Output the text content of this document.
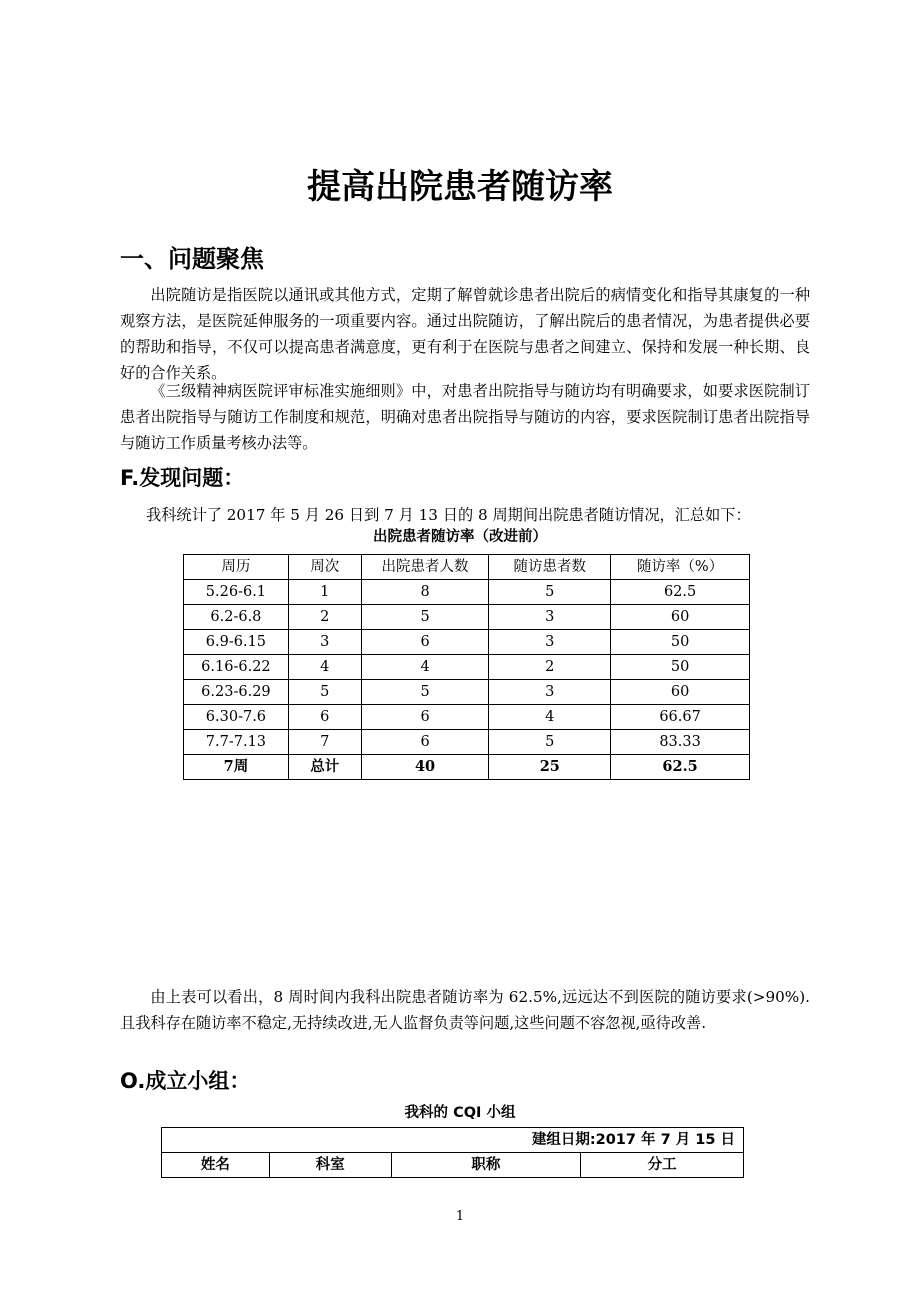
提高出院患者随访率
一、问题聚焦

出院随访是指医院以通讯或其他方式，定期了解曾就诊患者出院后的病情变化和指导其康复的一种观察方法，是医院延伸服务的一项重要内容。通过出院随访，了解出院后的患者情况，为患者提供必要的帮助和指导，不仅可以提高患者满意度，更有利于在医院与患者之间建立、保持和发展一种长期、良好的合作关系。

《三级精神病医院评审标准实施细则》中，对患者出院指导与随访均有明确要求，如要求医院制订患者出院指导与随访工作制度和规范，明确对患者出院指导与随访的内容，要求医院制订患者出院指导与随访工作质量考核办法等。

F.发现问题：

我科统计了 2017 年 5 月 26 日到 7 月 13 日的 8 周期间出院患者随访情况，汇总如下：

出院患者随访率（改进前）
周历	周次	出院患者人数	随访患者数	随访率（%）
5.26-6.1	1	8	5	62.5
6.2-6.8	2	5	3	60
6.9-6.15	3	6	3	50
6.16-6.22	4	4	2	50
6.23-6.29	5	5	3	60
6.30-7.6	6	6	4	66.67
7.7-7.13	7	6	5	83.33
7周	总计	40	25	62.5

由上表可以看出，8 周时间内我科出院患者随访率为 62.5%,远远达不到医院的随访要求(>90%).且我科存在随访率不稳定,无持续改进,无人监督负责等问题,这些问题不容忽视,亟待改善.

O.成立小组：
我科的 CQI 小组
建组日期:2017 年 7 月 15 日
姓名	科室	职称	分工
1
